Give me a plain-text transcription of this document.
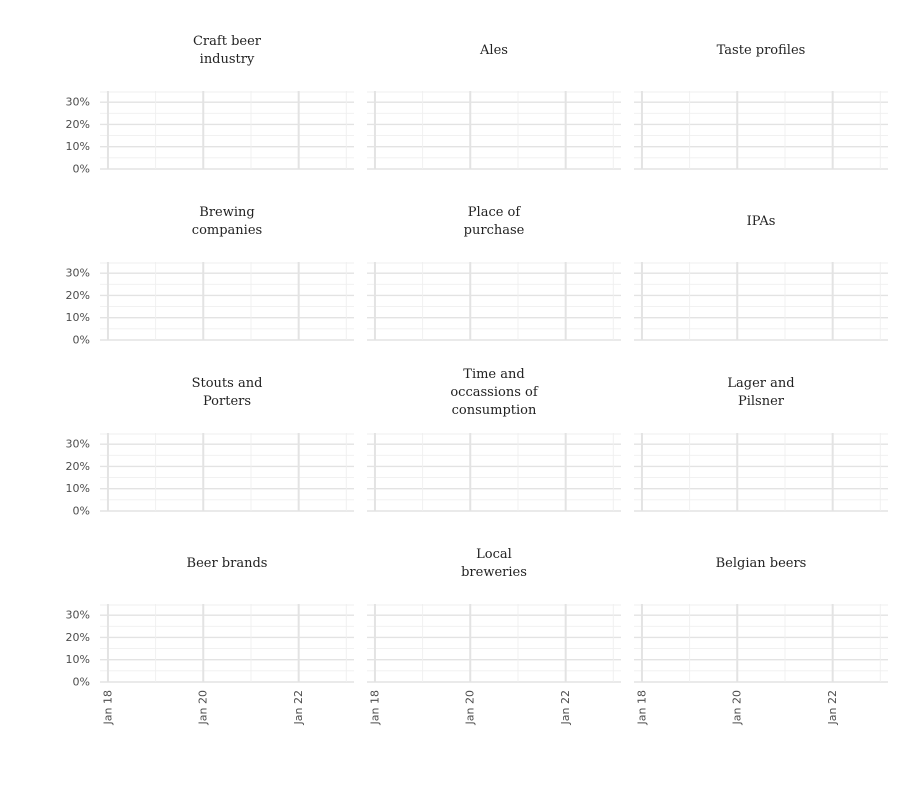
Craft beer industry
0%
10%
20%
30%
Ales	Taste profiles
Brewing companies
0%
10%
20%
30%
Place of purchase
IPAs
Stouts and Porters
0%
10%
20%
30%
Time and occassions of consumption
Lager and Pilsner
Beer brands
0%
10%
20%
30%
Jan 18	Jan 20	Jan 22
Local breweries
Jan 18	Jan 20	Jan 22
Belgian beers
Jan 18	Jan 20	Jan 22
